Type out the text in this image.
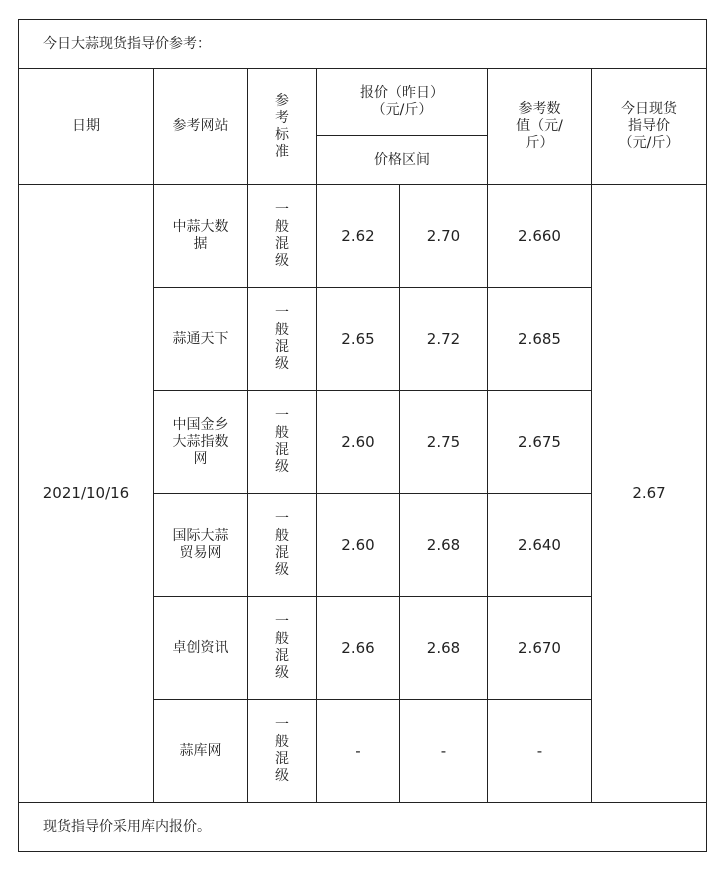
今日大蒜现货指导价参考：						
日期	参考网站	参考标准	报价（昨日）（元/斤）		参考数值（元/斤）	今日现货指导价（元/斤）

			价格区间			
2021/10/16	中蒜大数据	一般混级	2.62	2.70	2.660	2.67

	蒜通天下	一般混级	2.65	2.72	2.685	

	中国金乡大蒜指数网	一般混级	2.60	2.75	2.675	

	国际大蒜贸易网	一般混级	2.60	2.68	2.640	

	卓创资讯	一般混级	2.66	2.68	2.670	

	蒜库网	一般混级	-	-	-	
现货指导价采用库内报价。						
